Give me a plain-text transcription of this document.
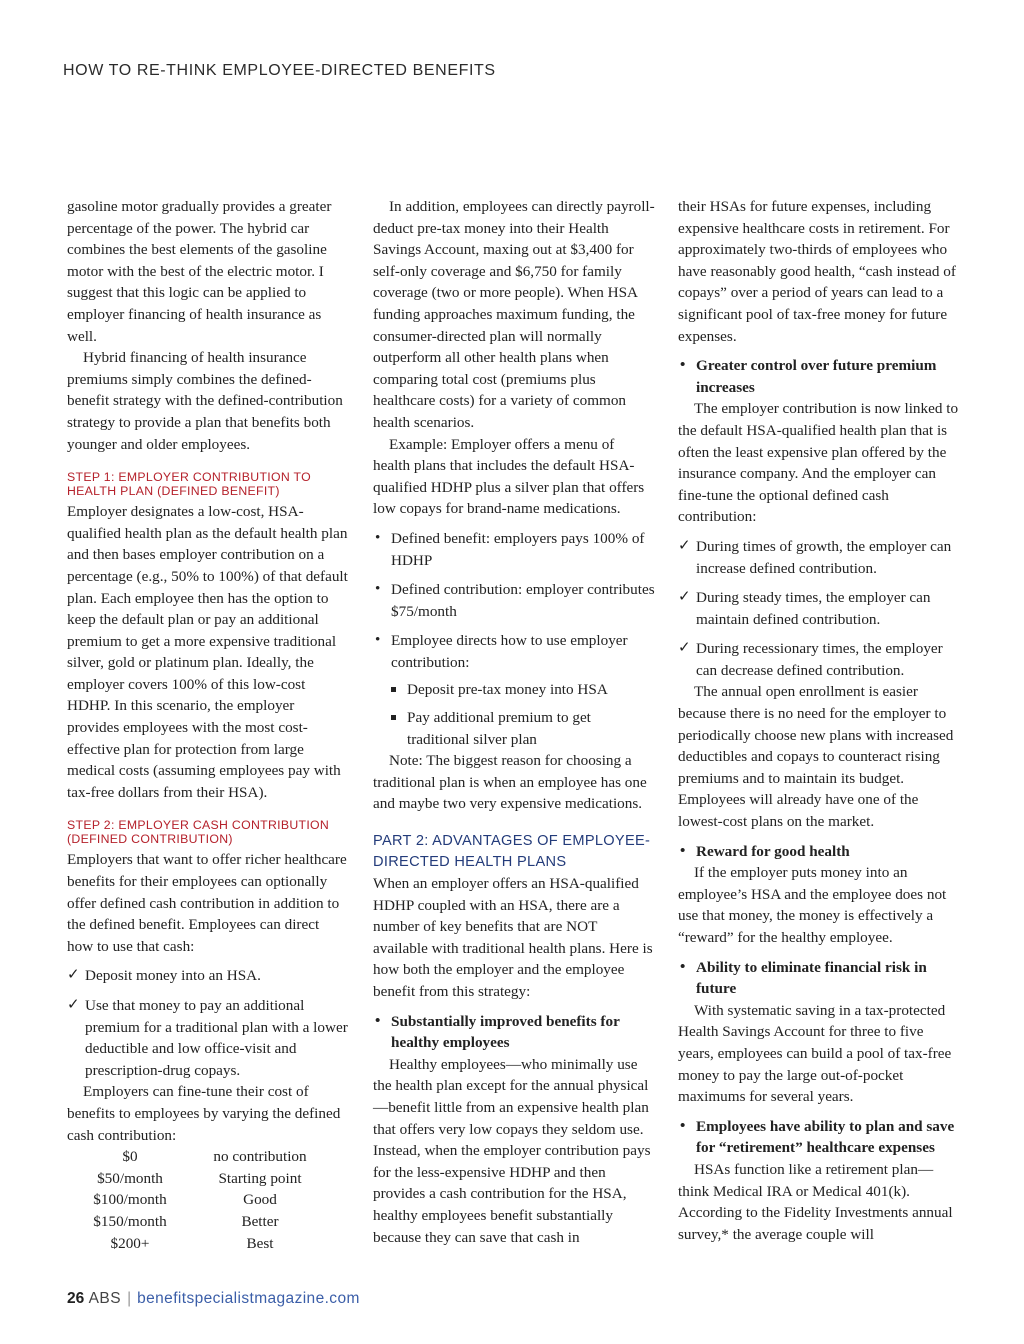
HOW TO RE-THINK EMPLOYEE-DIRECTED BENEFITS

gasoline motor gradually provides a greater percentage of the power. The hybrid car combines the best elements of the gasoline motor with the best of the electric motor. I suggest that this logic can be applied to employer financing of health insurance as well.

Hybrid financing of health insurance premiums simply combines the defined-benefit strategy with the defined-contribution strategy to provide a plan that benefits both younger and older employees.

STEP 1: EMPLOYER CONTRIBUTION TO HEALTH PLAN (DEFINED BENEFIT)

Employer designates a low-cost, HSA-qualified health plan as the default health plan and then bases employer contribution on a percentage (e.g., 50% to 100%) of that default plan. Each employee then has the option to keep the default plan or pay an additional premium to get a more expensive traditional silver, gold or platinum plan. Ideally, the employer covers 100% of this low-cost HDHP. In this scenario, the employer provides employees with the most cost-effective plan for protection from large medical costs (assuming employees pay with tax-free dollars from their HSA).

STEP 2: EMPLOYER CASH CONTRIBUTION (DEFINED CONTRIBUTION)

Employers that want to offer richer healthcare benefits for their employees can optionally offer defined cash contribution in addition to the defined benefit. Employees can direct how to use that cash:

✓ Deposit money into an HSA.
✓ Use that money to pay an additional premium for a traditional plan with a lower deductible and low office-visit and prescription-drug copays.

Employers can fine-tune their cost of benefits to employees by varying the defined cash contribution:

$0	no contribution
$50/month	Starting point
$100/month	Good
$150/month	Better
$200+	Best

In addition, employees can directly payroll-deduct pre-tax money into their Health Savings Account, maxing out at $3,400 for self-only coverage and $6,750 for family coverage (two or more people). When HSA funding approaches maximum funding, the consumer-directed plan will normally outperform all other health plans when comparing total cost (premiums plus healthcare costs) for a variety of common health scenarios.

Example: Employer offers a menu of health plans that includes the default HSA-qualified HDHP plus a silver plan that offers low copays for brand-name medications.

• Defined benefit: employers pays 100% of HDHP
• Defined contribution: employer contributes $75/month
• Employee directs how to use employer contribution:
Deposit pre-tax money into HSA
Pay additional premium to get traditional silver plan

Note: The biggest reason for choosing a traditional plan is when an employee has one and maybe two very expensive medications.

PART 2: ADVANTAGES OF EMPLOYEE-DIRECTED HEALTH PLANS

When an employer offers an HSA-qualified HDHP coupled with an HSA, there are a number of key benefits that are NOT available with traditional health plans. Here is how both the employer and the employee benefit from this strategy:

• Substantially improved benefits for healthy employees

Healthy employees—who minimally use the health plan except for the annual physical—benefit little from an expensive health plan that offers very low copays they seldom use. Instead, when the employer contribution pays for the less-expensive HDHP and then provides a cash contribution for the HSA, healthy employees benefit substantially because they can save that cash in

their HSAs for future expenses, including expensive healthcare costs in retirement. For approximately two-thirds of employees who have reasonably good health, “cash instead of copays” over a period of years can lead to a significant pool of tax-free money for future expenses.

• Greater control over future premium increases

The employer contribution is now linked to the default HSA-qualified health plan that is often the least expensive plan offered by the insurance company. And the employer can fine-tune the optional defined cash contribution:

✓ During times of growth, the employer can increase defined contribution.
✓ During steady times, the employer can maintain defined contribution.
✓ During recessionary times, the employer can decrease defined contribution.

The annual open enrollment is easier because there is no need for the employer to periodically choose new plans with increased deductibles and copays to counteract rising premiums and to maintain its budget. Employees will already have one of the lowest-cost plans on the market.

• Reward for good health

If the employer puts money into an employee’s HSA and the employee does not use that money, the money is effectively a “reward” for the healthy employee.

• Ability to eliminate financial risk in future

With systematic saving in a tax-protected Health Savings Account for three to five years, employees can build a pool of tax-free money to pay the large out-of-pocket maximums for several years.

• Employees have ability to plan and save for “retirement” healthcare expenses

HSAs function like a retirement plan—think Medical IRA or Medical 401(k). According to the Fidelity Investments annual survey,* the average couple will

26 ABS | benefitspecialistmagazine.com
